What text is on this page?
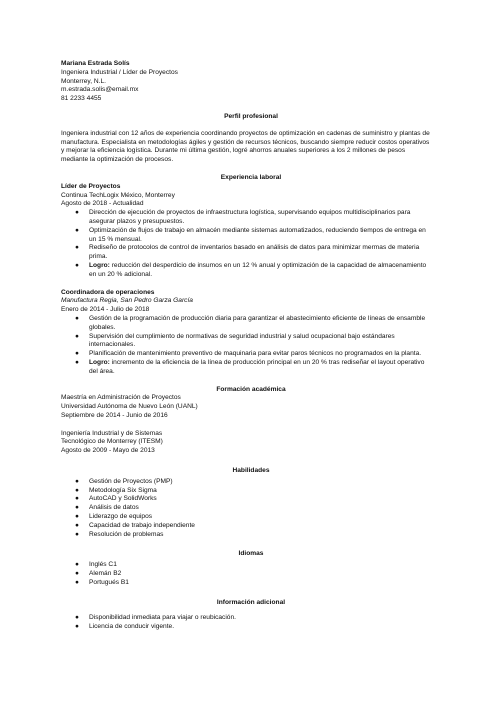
Mariana Estrada Solís
Ingeniera Industrial / Líder de Proyectos
Monterrey, N.L.
m.estrada.solis@email.mx
81 2233 4455
Perfil profesional
Ingeniera industrial con 12 años de experiencia coordinando proyectos de optimización en cadenas de suministro y plantas de
manufactura. Especialista en metodologías ágiles y gestión de recursos técnicos, buscando siempre reducir costos operativos
y mejorar la eficiencia logística. Durante mi última gestión, logré ahorros anuales superiores a los 2 millones de pesos
mediante la optimización de procesos.
Experiencia laboral
Líder de Proyectos
Continua TechLogix México, Monterrey
Agosto de 2018 - Actualidad
● Dirección de ejecución de proyectos de infraestructura logística, supervisando equipos multidisciplinarios para
asegurar plazos y presupuestos.
● Optimización de flujos de trabajo en almacén mediante sistemas automatizados, reduciendo tiempos de entrega en
un 15 % mensual.
● Rediseño de protocolos de control de inventarios basado en análisis de datos para minimizar mermas de materia
prima.
● Logro: reducción del desperdicio de insumos en un 12 % anual y optimización de la capacidad de almacenamiento
en un 20 % adicional.
Coordinadora de operaciones
Manufactura Regia, San Pedro Garza García
Enero de 2014 - Julio de 2018
● Gestión de la programación de producción diaria para garantizar el abastecimiento eficiente de líneas de ensamble
globales.
● Supervisión del cumplimiento de normativas de seguridad industrial y salud ocupacional bajo estándares
internacionales.
● Planificación de mantenimiento preventivo de maquinaria para evitar paros técnicos no programados en la planta.
● Logro: incremento de la eficiencia de la línea de producción principal en un 20 % tras rediseñar el layout operativo
del área.
Formación académica
Maestría en Administración de Proyectos
Universidad Autónoma de Nuevo León (UANL)
Septiembre de 2014 - Junio de 2016
Ingeniería Industrial y de Sistemas
Tecnológico de Monterrey (ITESM)
Agosto de 2009 - Mayo de 2013
Habilidades
● Gestión de Proyectos (PMP)
● Metodología Six Sigma
● AutoCAD y SolidWorks
● Análisis de datos
● Liderazgo de equipos
● Capacidad de trabajo independiente
● Resolución de problemas
Idiomas
● Inglés C1
● Alemán B2
● Portugués B1
Información adicional
● Disponibilidad inmediata para viajar o reubicación.
● Licencia de conducir vigente.
